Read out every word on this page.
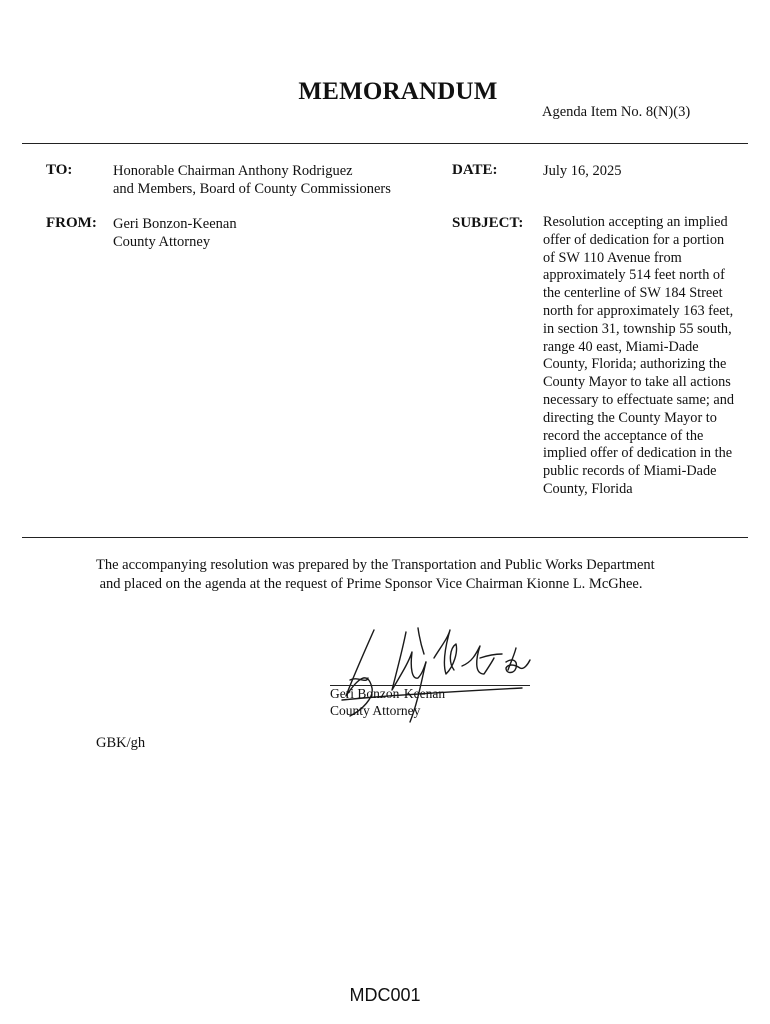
MEMORANDUM
Agenda Item No. 8(N)(3)
TO:	Honorable Chairman Anthony Rodriguez
and Members, Board of County Commissioners
DATE:	July 16, 2025
FROM: Geri Bonzon-Keenan
County Attorney
SUBJECT: Resolution accepting an implied
offer of dedication for a portion
of SW 110 Avenue from
approximately 514 feet north of
the centerline of SW 184 Street
north for approximately 163 feet,
in section 31, township 55 south,
range 40 east, Miami-Dade
County, Florida; authorizing the
County Mayor to take all actions
necessary to effectuate same; and
directing the County Mayor to
record the acceptance of the
implied offer of dedication in the
public records of Miami-Dade
County, Florida
The accompanying resolution was prepared by the Transportation and Public Works Department
and placed on the agenda at the request of Prime Sponsor Vice Chairman Kionne L. McGhee.
Geri Bonzon-Keenan
County Attorney
GBK/gh
MDC001
